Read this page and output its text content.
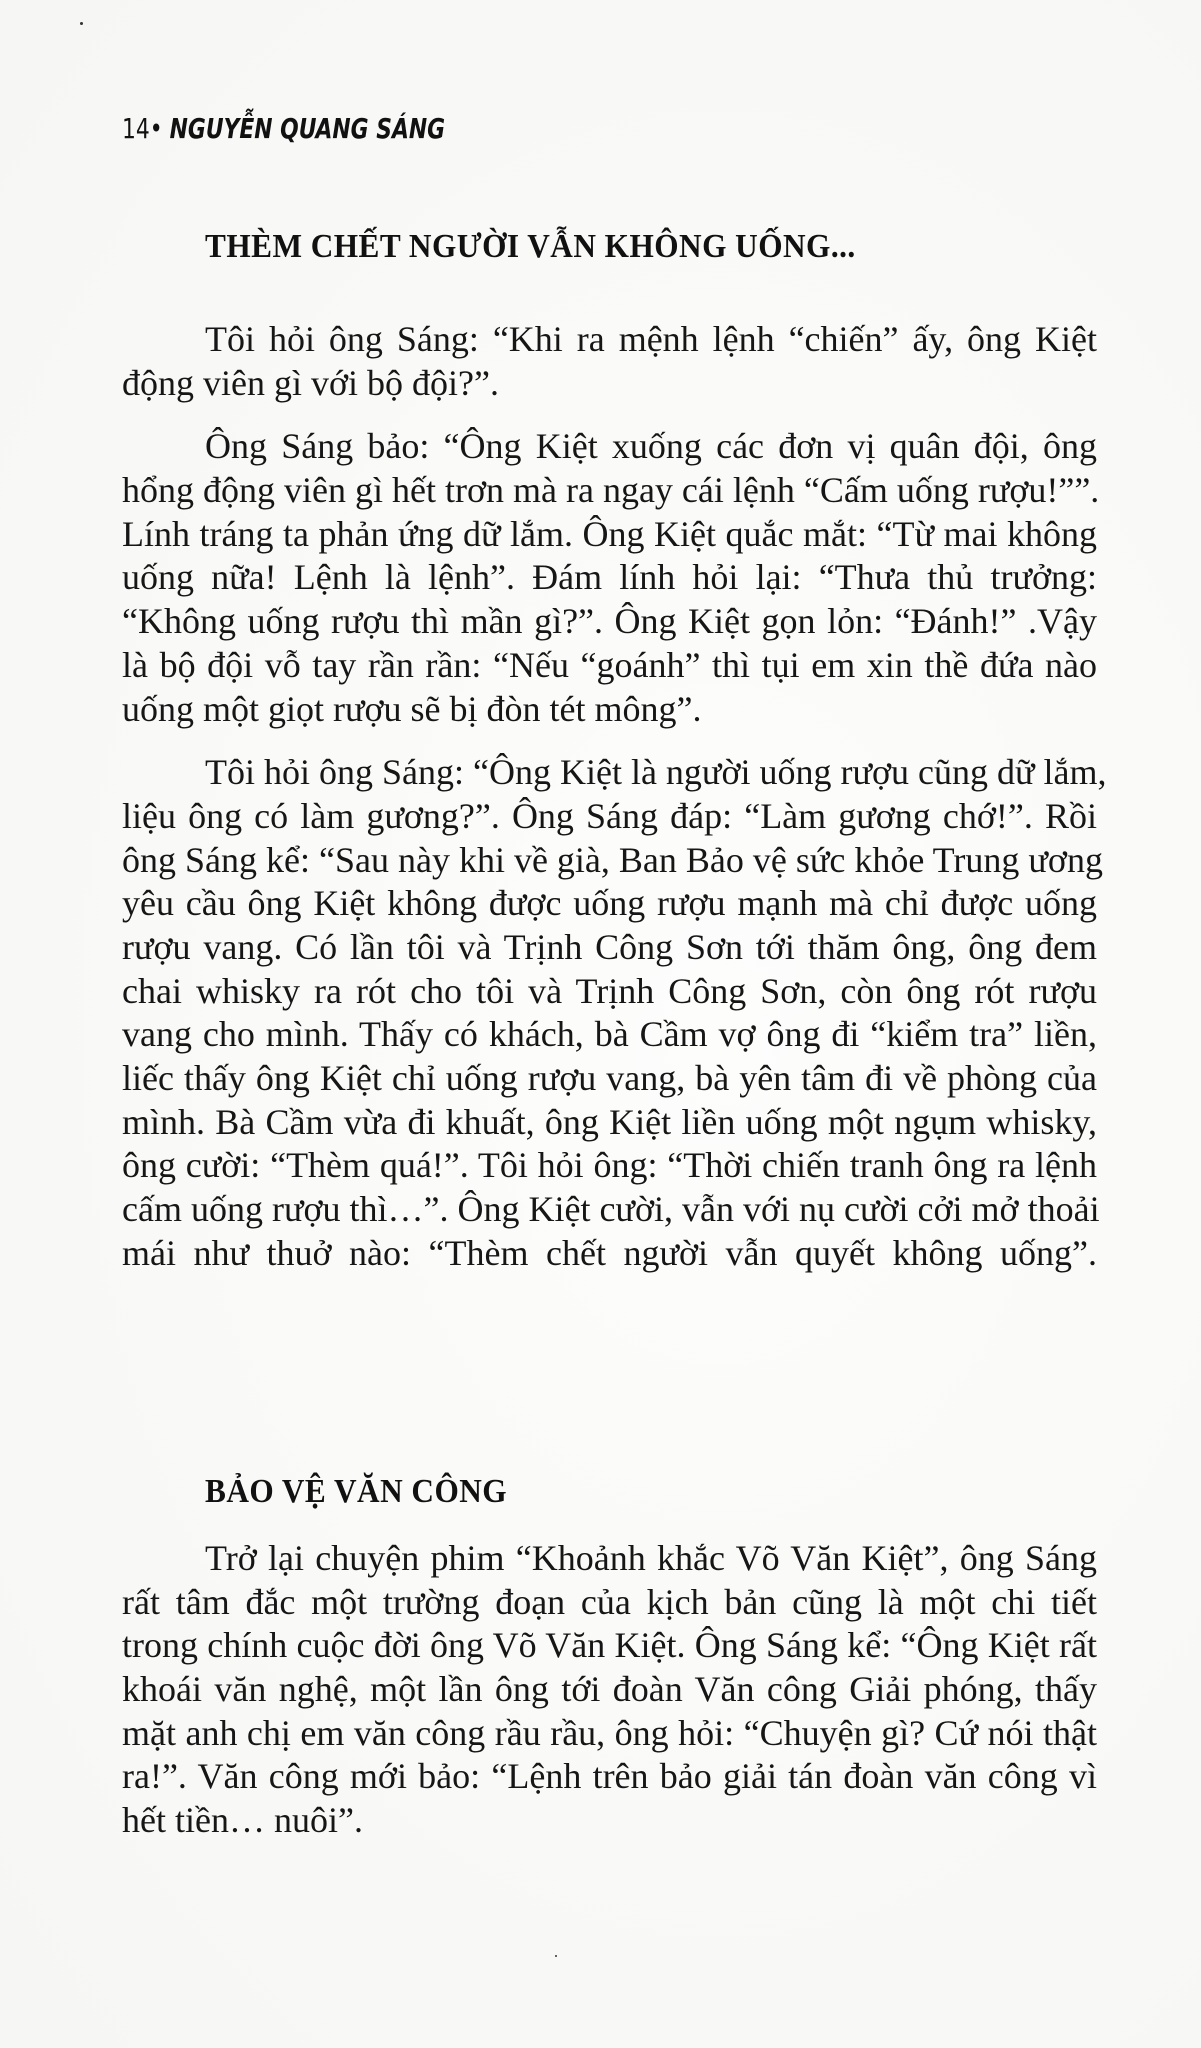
14• NGUYỄN QUANG SÁNG
THÈM CHẾT NGƯỜI VẪN KHÔNG UỐNG...
Tôi hỏi ông Sáng: “Khi ra mệnh lệnh “chiến” ấy, ông Kiệt
động viên gì với bộ đội?”.
Ông Sáng bảo: “Ông Kiệt xuống các đơn vị quân đội, ông
hổng động viên gì hết trơn mà ra ngay cái lệnh “Cấm uống rượu!””.
Lính tráng ta phản ứng dữ lắm. Ông Kiệt quắc mắt: “Từ mai không
uống nữa! Lệnh là lệnh”. Đám lính hỏi lại: “Thưa thủ trưởng:
“Không uống rượu thì mần gì?”. Ông Kiệt gọn lỏn: “Đánh!” .Vậy
là bộ đội vỗ tay rần rần: “Nếu “goánh” thì tụi em xin thề đứa nào
uống một giọt rượu sẽ bị đòn tét mông”.
Tôi hỏi ông Sáng: “Ông Kiệt là người uống rượu cũng dữ lắm,
liệu ông có làm gương?”. Ông Sáng đáp: “Làm gương chớ!”. Rồi
ông Sáng kể: “Sau này khi về già, Ban Bảo vệ sức khỏe Trung ương
yêu cầu ông Kiệt không được uống rượu mạnh mà chỉ được uống
rượu vang. Có lần tôi và Trịnh Công Sơn tới thăm ông, ông đem
chai whisky ra rót cho tôi và Trịnh Công Sơn, còn ông rót rượu
vang cho mình. Thấy có khách, bà Cầm vợ ông đi “kiểm tra” liền,
liếc thấy ông Kiệt chỉ uống rượu vang, bà yên tâm đi về phòng của
mình. Bà Cầm vừa đi khuất, ông Kiệt liền uống một ngụm whisky,
ông cười: “Thèm quá!”. Tôi hỏi ông: “Thời chiến tranh ông ra lệnh
cấm uống rượu thì…”. Ông Kiệt cười, vẫn với nụ cười cởi mở thoải
mái như thuở nào: “Thèm chết người vẫn quyết không uống”.
BẢO VỆ VĂN CÔNG
Trở lại chuyện phim “Khoảnh khắc Võ Văn Kiệt”, ông Sáng
rất tâm đắc một trường đoạn của kịch bản cũng là một chi tiết
trong chính cuộc đời ông Võ Văn Kiệt. Ông Sáng kể: “Ông Kiệt rất
khoái văn nghệ, một lần ông tới đoàn Văn công Giải phóng, thấy
mặt anh chị em văn công rầu rầu, ông hỏi: “Chuyện gì? Cứ nói thật
ra!”. Văn công mới bảo: “Lệnh trên bảo giải tán đoàn văn công vì
hết tiền… nuôi”.
